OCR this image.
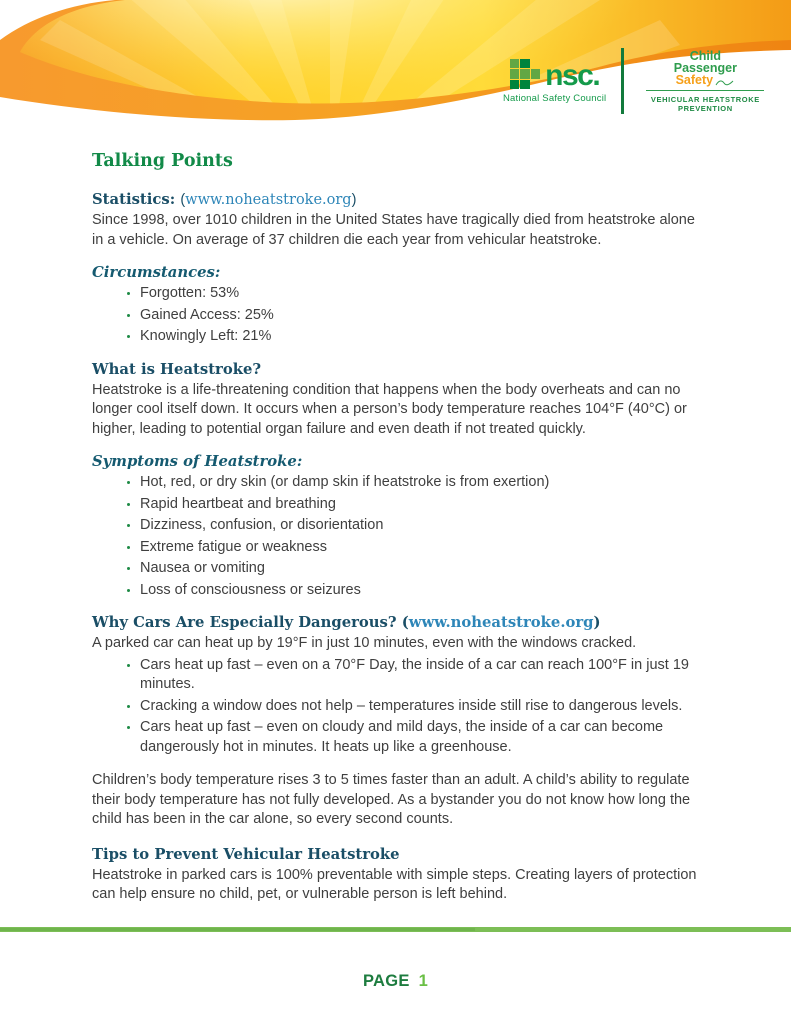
nsc.
National Safety Council
Child
Passenger
Safety
VEHICULAR HEATSTROKE
PREVENTION
Talking Points
Statistics: (www.noheatstroke.org)

Since 1998, over 1010 children in the United States have tragically died from heatstroke alone in a vehicle. On average of 37 children die each year from vehicular heatstroke.

Circumstances:
• Forgotten: 53%
• Gained Access: 25%
• Knowingly Left: 21%
What is Heatstroke?

Heatstroke is a life-threatening condition that happens when the body overheats and can no longer cool itself down. It occurs when a person’s body temperature reaches 104°F (40°C) or higher, leading to potential organ failure and even death if not treated quickly.

Symptoms of Heatstroke:
• Hot, red, or dry skin (or damp skin if heatstroke is from exertion)
• Rapid heartbeat and breathing
• Dizziness, confusion, or disorientation
• Extreme fatigue or weakness
• Nausea or vomiting
• Loss of consciousness or seizures
Why Cars Are Especially Dangerous? (www.noheatstroke.org)

A parked car can heat up by 19°F in just 10 minutes, even with the windows cracked.

• Cars heat up fast – even on a 70°F Day, the inside of a car can reach 100°F in just 19 minutes.
• Cracking a window does not help – temperatures inside still rise to dangerous levels.
• Cars heat up fast – even on cloudy and mild days, the inside of a car can become dangerously hot in minutes. It heats up like a greenhouse.

Children’s body temperature rises 3 to 5 times faster than an adult. A child’s ability to regulate their body temperature has not fully developed. As a bystander you do not know how long the child has been in the car alone, so every second counts.

Tips to Prevent Vehicular Heatstroke

Heatstroke in parked cars is 100% preventable with simple steps. Creating layers of protection can help ensure no child, pet, or vulnerable person is left behind.

PAGE 1
